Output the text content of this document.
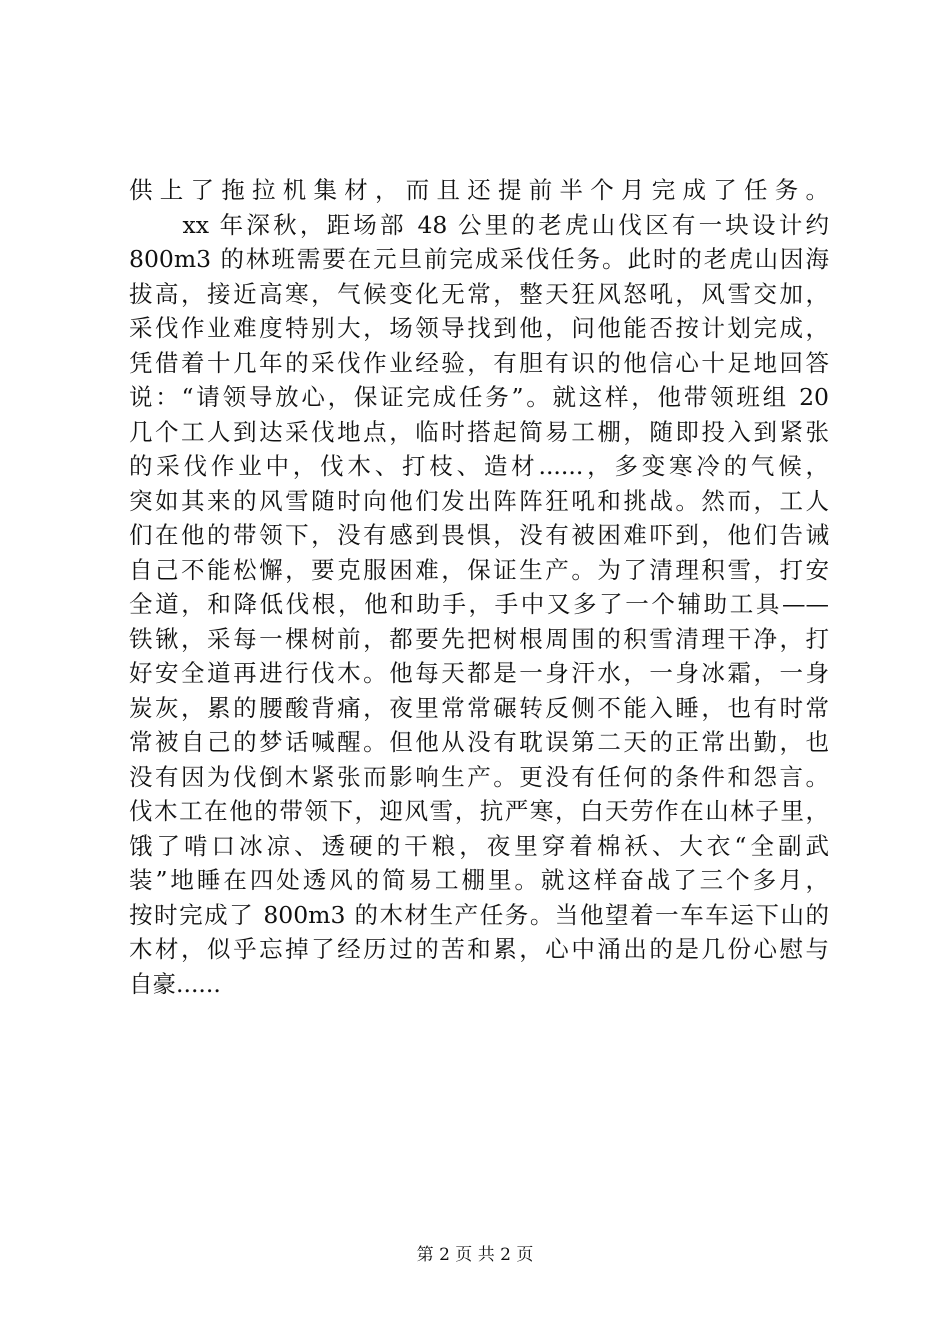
供上了拖拉机集材，而且还提前半个月完成了任务。
　　xx 年深秋，距场部 48 公里的老虎山伐区有一块设计约
800m3 的林班需要在元旦前完成采伐任务。此时的老虎山因海
拔高，接近高寒，气候变化无常，整天狂风怒吼，风雪交加，
采伐作业难度特别大，场领导找到他，问他能否按计划完成，
凭借着十几年的采伐作业经验，有胆有识的他信心十足地回答
说：“请领导放心，保证完成任务”。就这样，他带领班组 20
几个工人到达采伐地点，临时搭起简易工棚，随即投入到紧张
的采伐作业中，伐木、打枝、造材......，多变寒冷的气候，
突如其来的风雪随时向他们发出阵阵狂吼和挑战。然而，工人
们在他的带领下，没有感到畏惧，没有被困难吓到，他们告诫
自己不能松懈，要克服困难，保证生产。为了清理积雪，打安
全道，和降低伐根，他和助手，手中又多了一个辅助工具——
铁锹，采每一棵树前，都要先把树根周围的积雪清理干净，打
好安全道再进行伐木。他每天都是一身汗水，一身冰霜，一身
炭灰，累的腰酸背痛，夜里常常碾转反侧不能入睡，也有时常
常被自己的梦话喊醒。但他从没有耽误第二天的正常出勤，也
没有因为伐倒木紧张而影响生产。更没有任何的条件和怨言。
伐木工在他的带领下，迎风雪，抗严寒，白天劳作在山林子里，
饿了啃口冰凉、透硬的干粮，夜里穿着棉袄、大衣“全副武
装”地睡在四处透风的简易工棚里。就这样奋战了三个多月，
按时完成了 800m3 的木材生产任务。当他望着一车车运下山的
木材，似乎忘掉了经历过的苦和累，心中涌出的是几份心慰与
自豪......
第 2 页 共 2 页
